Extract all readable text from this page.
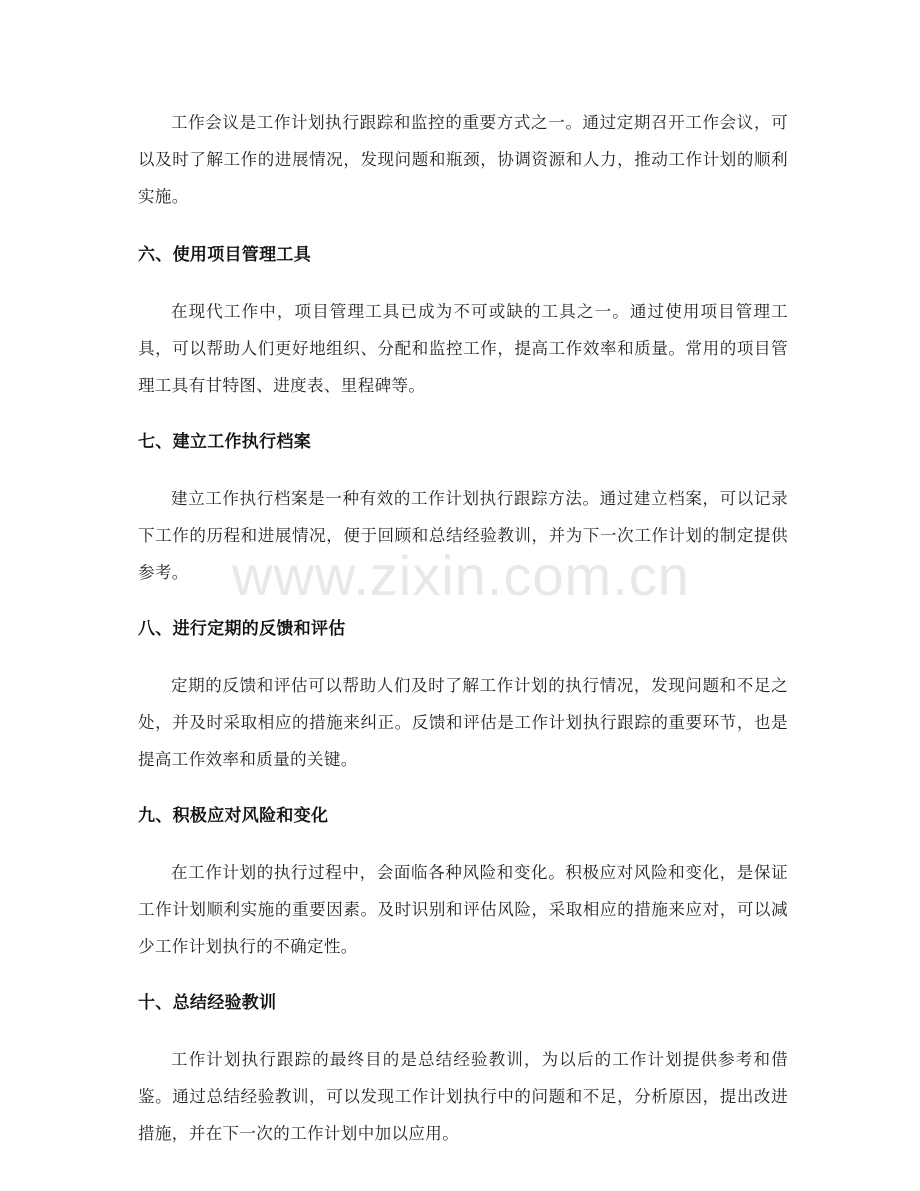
工作会议是工作计划执行跟踪和监控的重要方式之一。通过定期召开工作会议，可以及时了解工作的进展情况，发现问题和瓶颈，协调资源和人力，推动工作计划的顺利实施。

六、使用项目管理工具

在现代工作中，项目管理工具已成为不可或缺的工具之一。通过使用项目管理工具，可以帮助人们更好地组织、分配和监控工作，提高工作效率和质量。常用的项目管理工具有甘特图、进度表、里程碑等。

七、建立工作执行档案

建立工作执行档案是一种有效的工作计划执行跟踪方法。通过建立档案，可以记录下工作的历程和进展情况，便于回顾和总结经验教训，并为下一次工作计划的制定提供参考。

八、进行定期的反馈和评估

定期的反馈和评估可以帮助人们及时了解工作计划的执行情况，发现问题和不足之处，并及时采取相应的措施来纠正。反馈和评估是工作计划执行跟踪的重要环节，也是提高工作效率和质量的关键。

九、积极应对风险和变化

在工作计划的执行过程中，会面临各种风险和变化。积极应对风险和变化，是保证工作计划顺利实施的重要因素。及时识别和评估风险，采取相应的措施来应对，可以减少工作计划执行的不确定性。

十、总结经验教训

工作计划执行跟踪的最终目的是总结经验教训，为以后的工作计划提供参考和借鉴。通过总结经验教训，可以发现工作计划执行中的问题和不足，分析原因，提出改进措施，并在下一次的工作计划中加以应用。

www.zixin.com.cn
